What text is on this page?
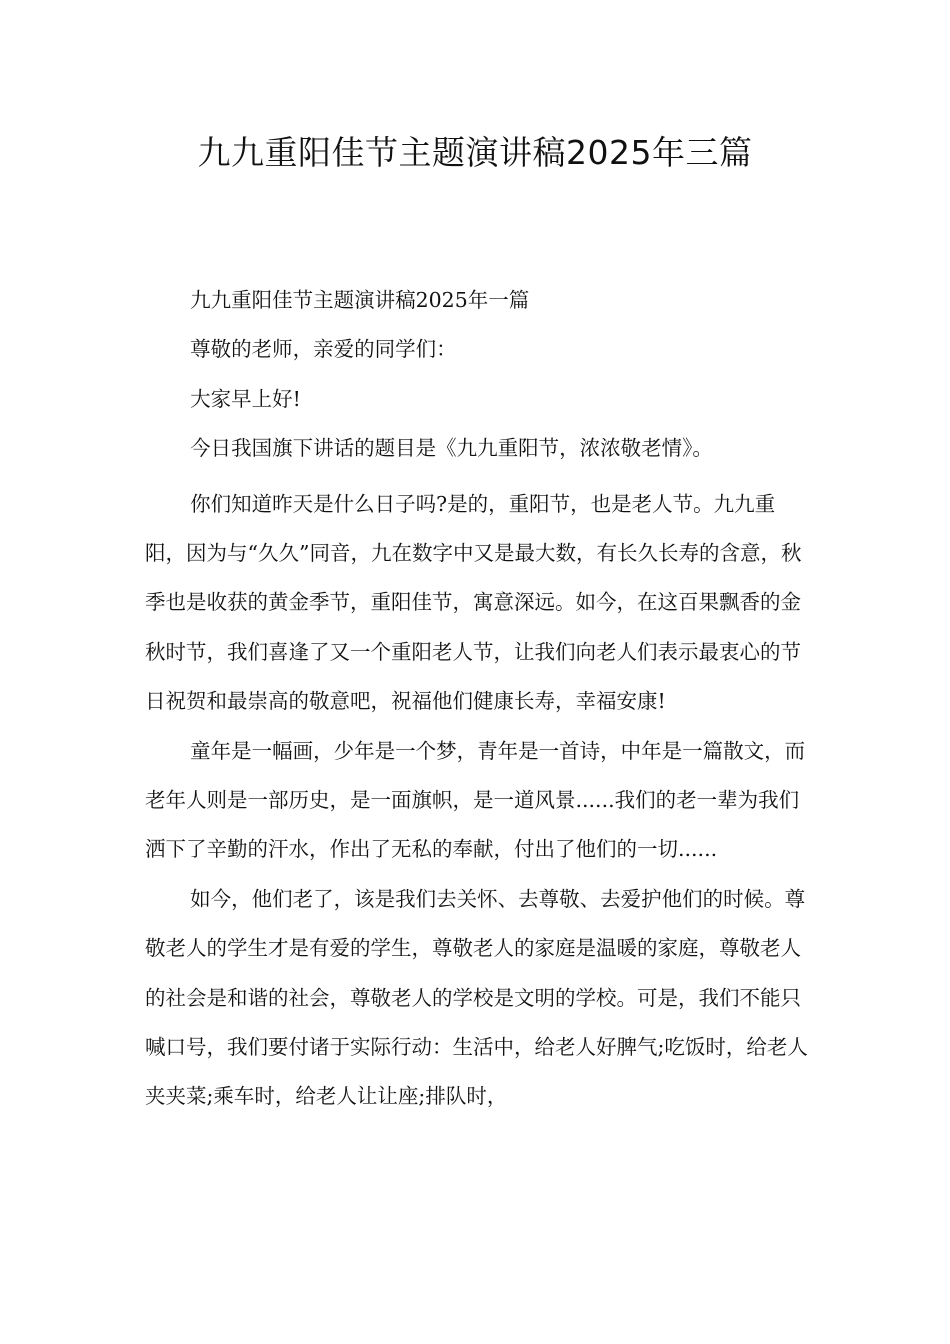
九九重阳佳节主题演讲稿2025年三篇

九九重阳佳节主题演讲稿2025年一篇

尊敬的老师，亲爱的同学们：

大家早上好!

今日我国旗下讲话的题目是《九九重阳节，浓浓敬老情》。

你们知道昨天是什么日子吗?是的，重阳节，也是老人节。九九重阳，因为与“久久”同音，九在数字中又是最大数，有长久长寿的含意，秋季也是收获的黄金季节，重阳佳节，寓意深远。如今，在这百果飘香的金秋时节，我们喜逢了又一个重阳老人节，让我们向老人们表示最衷心的节日祝贺和最崇高的敬意吧，祝福他们健康长寿，幸福安康!

童年是一幅画，少年是一个梦，青年是一首诗，中年是一篇散文，而老年人则是一部历史，是一面旗帜，是一道风景......我们的老一辈为我们洒下了辛勤的汗水，作出了无私的奉献，付出了他们的一切......

如今，他们老了，该是我们去关怀、去尊敬、去爱护他们的时候。尊敬老人的学生才是有爱的学生，尊敬老人的家庭是温暖的家庭，尊敬老人的社会是和谐的社会，尊敬老人的学校是文明的学校。可是，我们不能只喊口号，我们要付诸于实际行动：生活中，给老人好脾气;吃饭时，给老人夹夹菜;乘车时，给老人让让座;排队时，
